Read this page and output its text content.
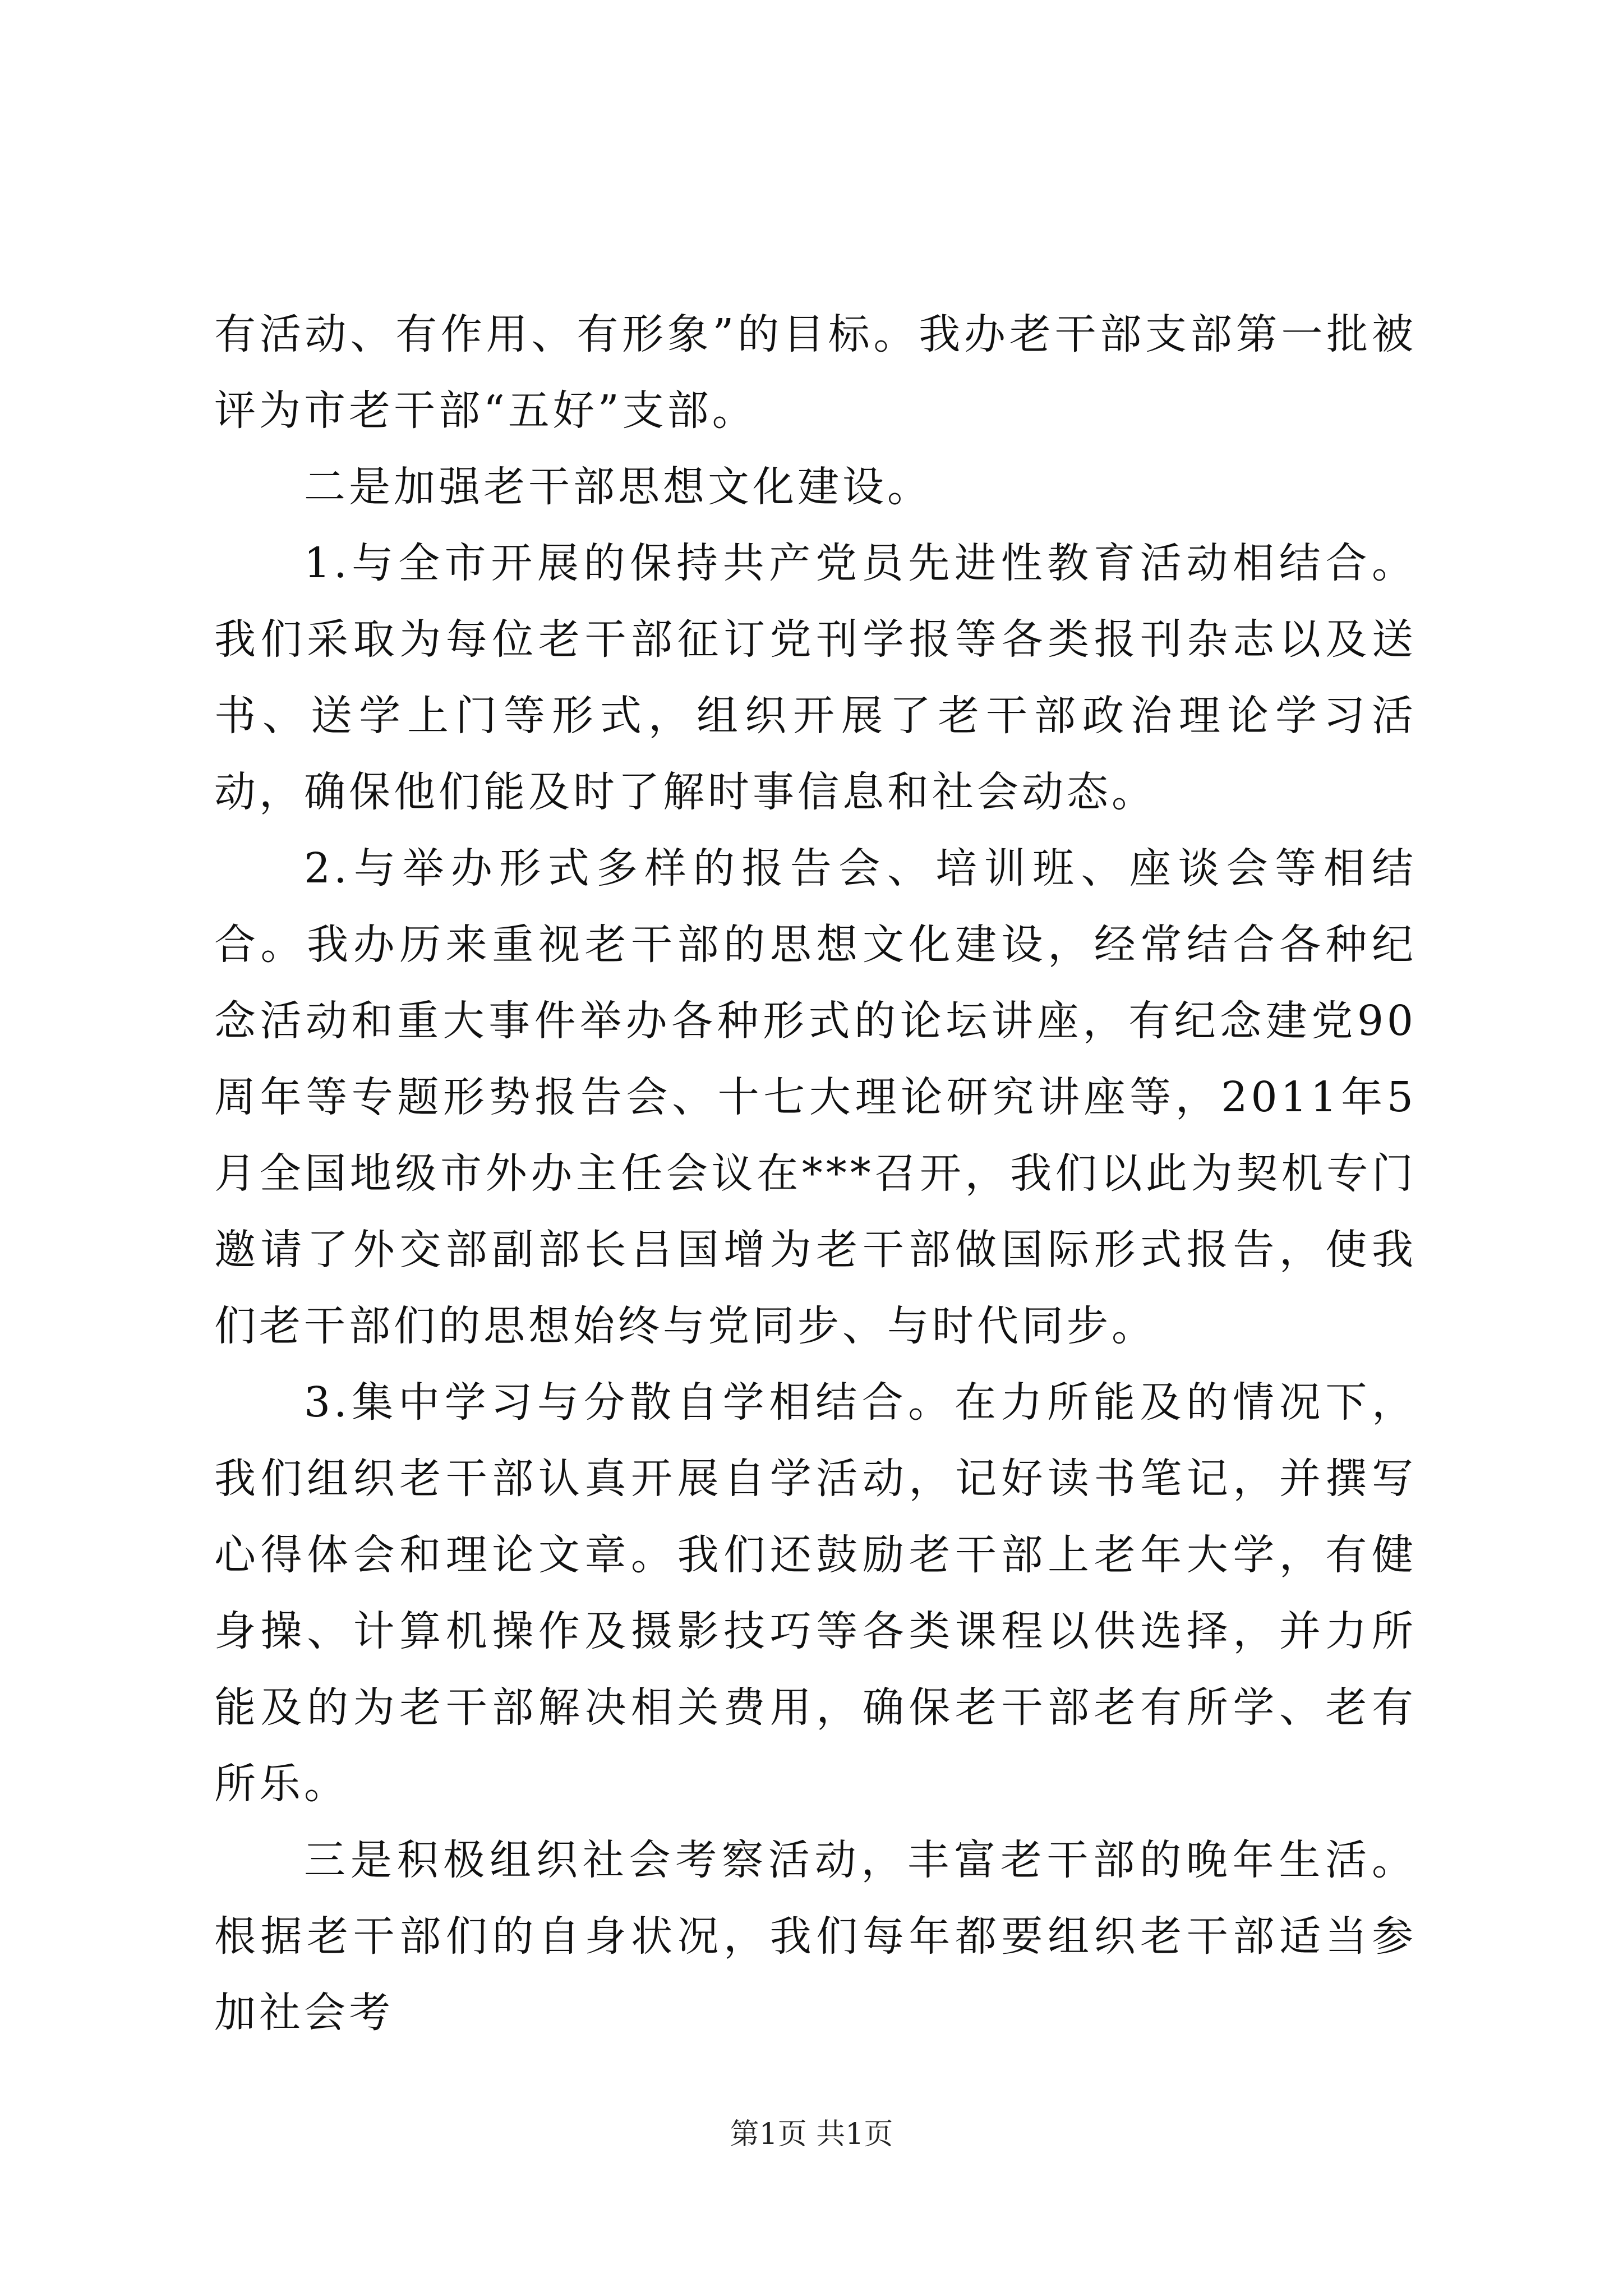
有活动、有作用、有形象”的目标。我办老干部支部第一批被评为市老干部“五好”支部。

二是加强老干部思想文化建设。

1.与全市开展的保持共产党员先进性教育活动相结合。我们采取为每位老干部征订党刊学报等各类报刊杂志以及送书、送学上门等形式，组织开展了老干部政治理论学习活动，确保他们能及时了解时事信息和社会动态。

2.与举办形式多样的报告会、培训班、座谈会等相结合。我办历来重视老干部的思想文化建设，经常结合各种纪念活动和重大事件举办各种形式的论坛讲座，有纪念建党90周年等专题形势报告会、十七大理论研究讲座等，2011年5月全国地级市外办主任会议在***召开，我们以此为契机专门邀请了外交部副部长吕国增为老干部做国际形式报告，使我们老干部们的思想始终与党同步、与时代同步。

3.集中学习与分散自学相结合。在力所能及的情况下，我们组织老干部认真开展自学活动，记好读书笔记，并撰写心得体会和理论文章。我们还鼓励老干部上老年大学，有健身操、计算机操作及摄影技巧等各类课程以供选择，并力所能及的为老干部解决相关费用，确保老干部老有所学、老有所乐。

三是积极组织社会考察活动，丰富老干部的晚年生活。根据老干部们的自身状况，我们每年都要组织老干部适当参加社会考

第1页 共1页
